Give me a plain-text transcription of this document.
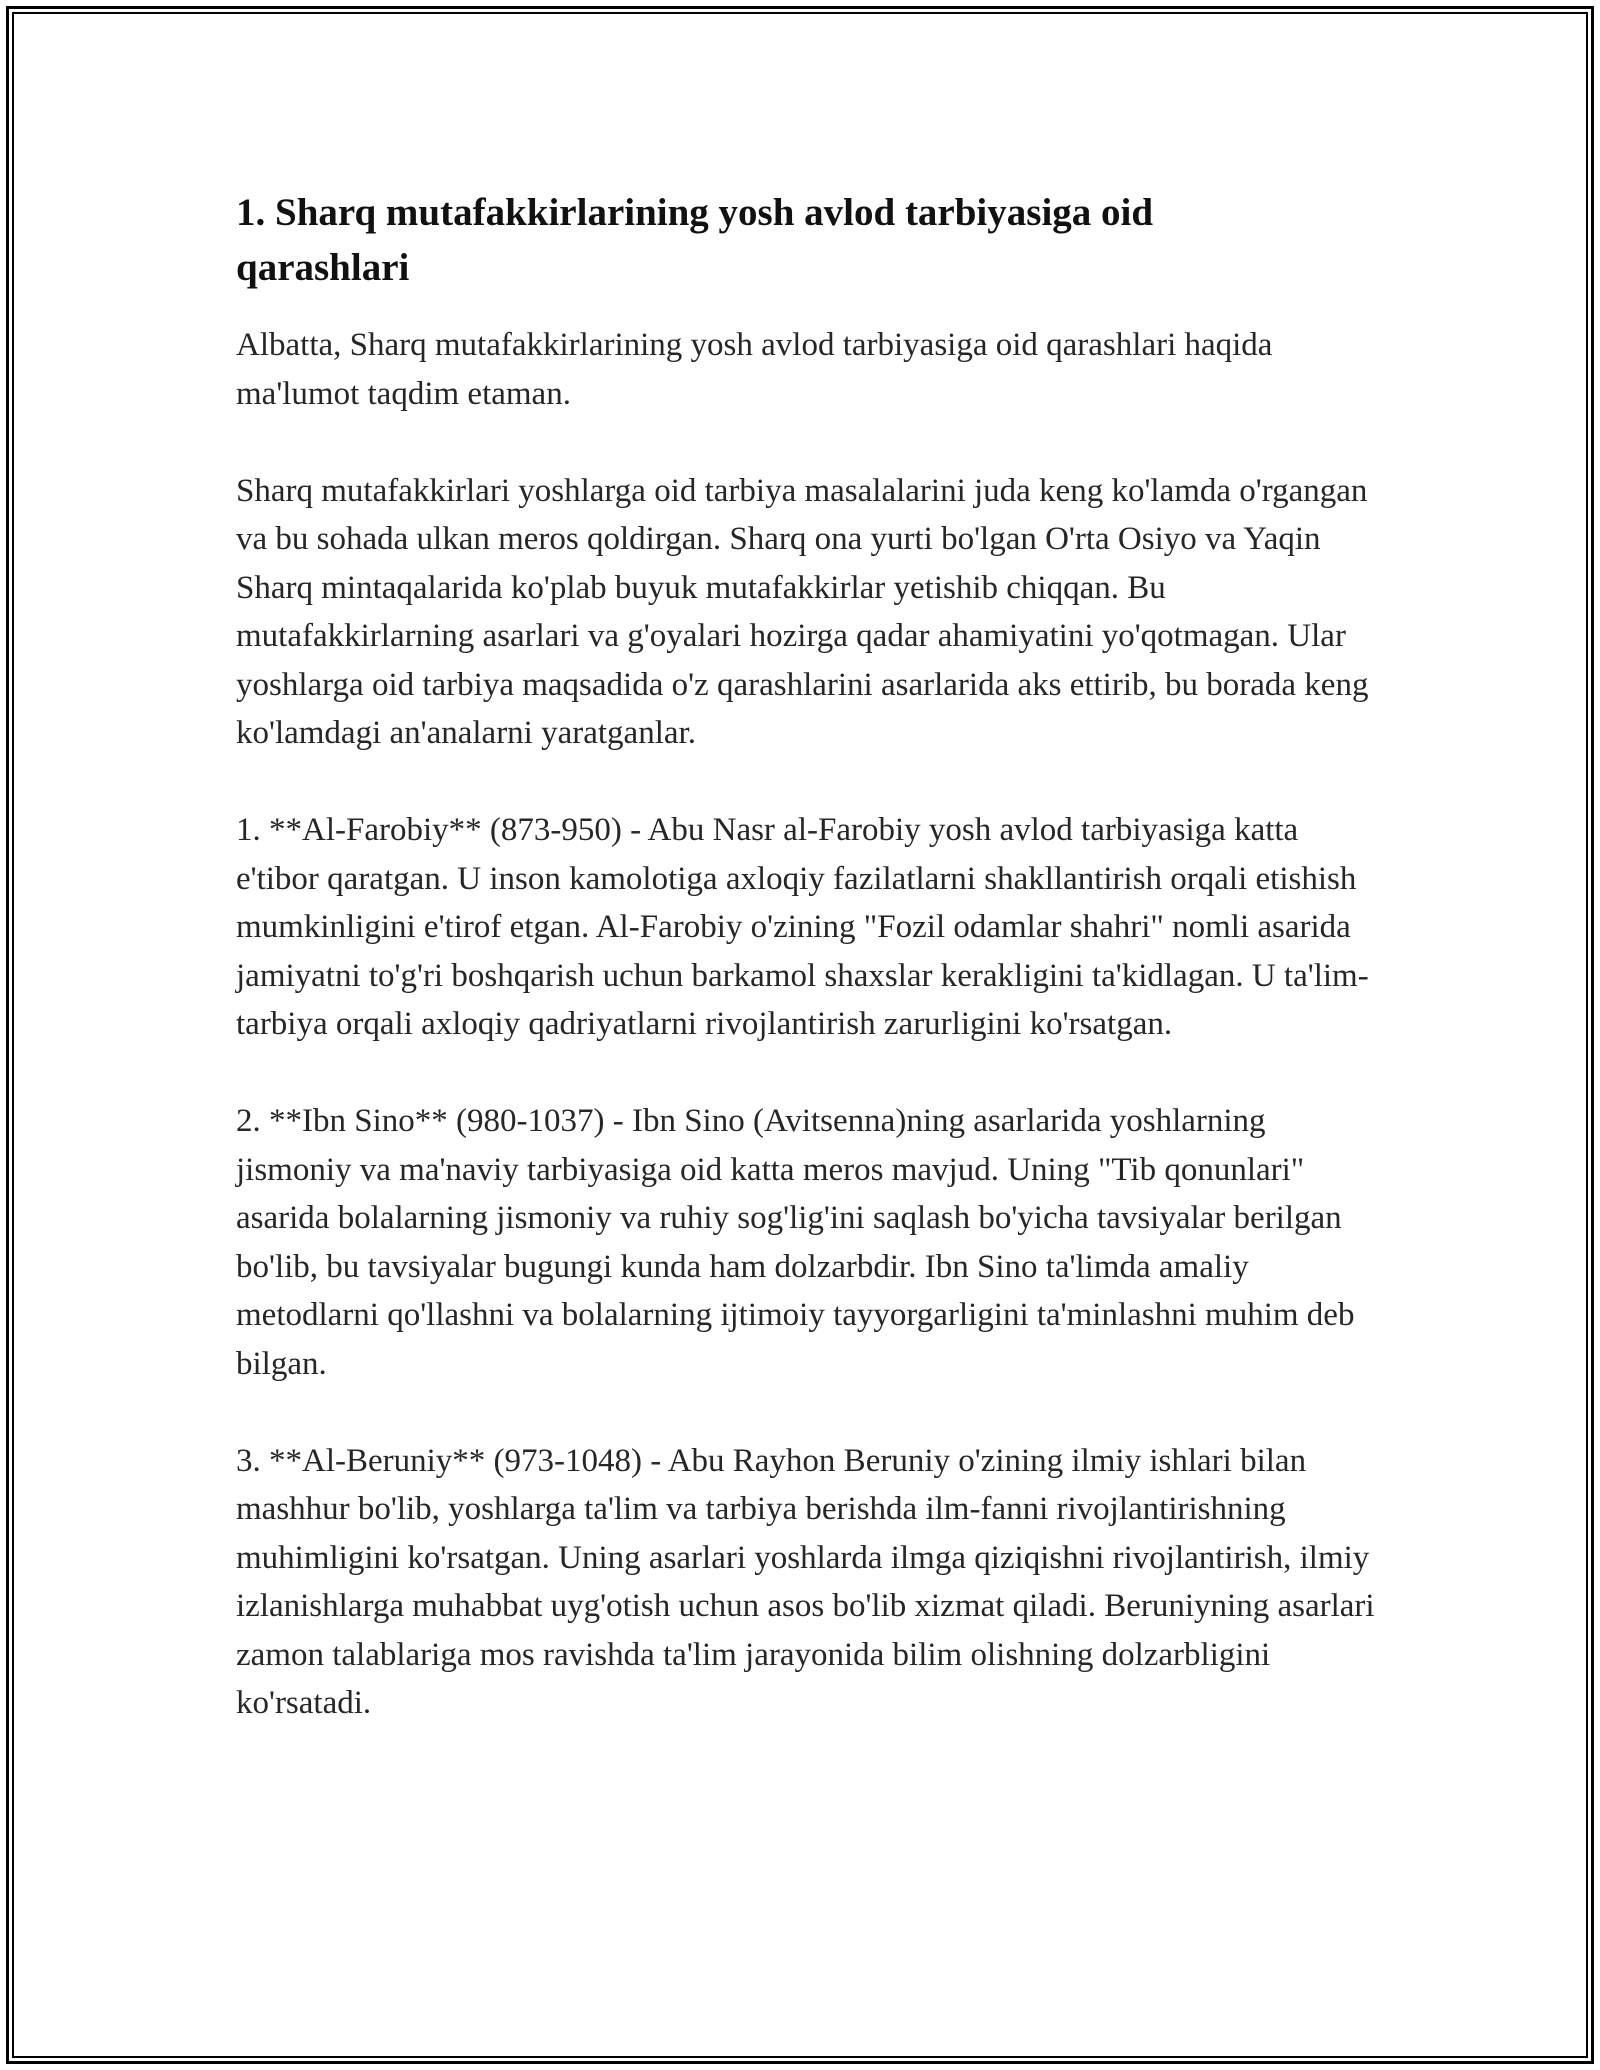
1. Sharq mutafakkirlarining yosh avlod tarbiyasiga oid
qarashlari

Albatta, Sharq mutafakkirlarining yosh avlod tarbiyasiga oid qarashlari haqida ma'lumot taqdim etaman.

Sharq mutafakkirlari yoshlarga oid tarbiya masalalarini juda keng ko'lamda o'rgangan va bu sohada ulkan meros qoldirgan. Sharq ona yurti bo'lgan O'rta Osiyo va Yaqin Sharq mintaqalarida ko'plab buyuk mutafakkirlar yetishib chiqqan. Bu mutafakkirlarning asarlari va g'oyalari hozirga qadar ahamiyatini yo'qotmagan. Ular yoshlarga oid tarbiya maqsadida o'z qarashlarini asarlarida aks ettirib, bu borada keng ko'lamdagi an'analarni yaratganlar.

1. **Al-Farobiy** (873-950) - Abu Nasr al-Farobiy yosh avlod tarbiyasiga katta e'tibor qaratgan. U inson kamolotiga axloqiy fazilatlarni shakllantirish orqali etishish mumkinligini e'tirof etgan. Al-Farobiy o'zining "Fozil odamlar shahri" nomli asarida jamiyatni to'g'ri boshqarish uchun barkamol shaxslar kerakligini ta'kidlagan. U ta'lim-tarbiya orqali axloqiy qadriyatlarni rivojlantirish zarurligini ko'rsatgan.

2. **Ibn Sino** (980-1037) - Ibn Sino (Avitsenna)ning asarlarida yoshlarning jismoniy va ma'naviy tarbiyasiga oid katta meros mavjud. Uning "Tib qonunlari" asarida bolalarning jismoniy va ruhiy sog'lig'ini saqlash bo'yicha tavsiyalar berilgan bo'lib, bu tavsiyalar bugungi kunda ham dolzarbdir. Ibn Sino ta'limda amaliy metodlarni qo'llashni va bolalarning ijtimoiy tayyorgarligini ta'minlashni muhim deb bilgan.

3. **Al-Beruniy** (973-1048) - Abu Rayhon Beruniy o'zining ilmiy ishlari bilan mashhur bo'lib, yoshlarga ta'lim va tarbiya berishda ilm-fanni rivojlantirishning muhimligini ko'rsatgan. Uning asarlari yoshlarda ilmga qiziqishni rivojlantirish, ilmiy izlanishlarga muhabbat uyg'otish uchun asos bo'lib xizmat qiladi. Beruniyning asarlari zamon talablariga mos ravishda ta'lim jarayonida bilim olishning dolzarbligini ko'rsatadi.
